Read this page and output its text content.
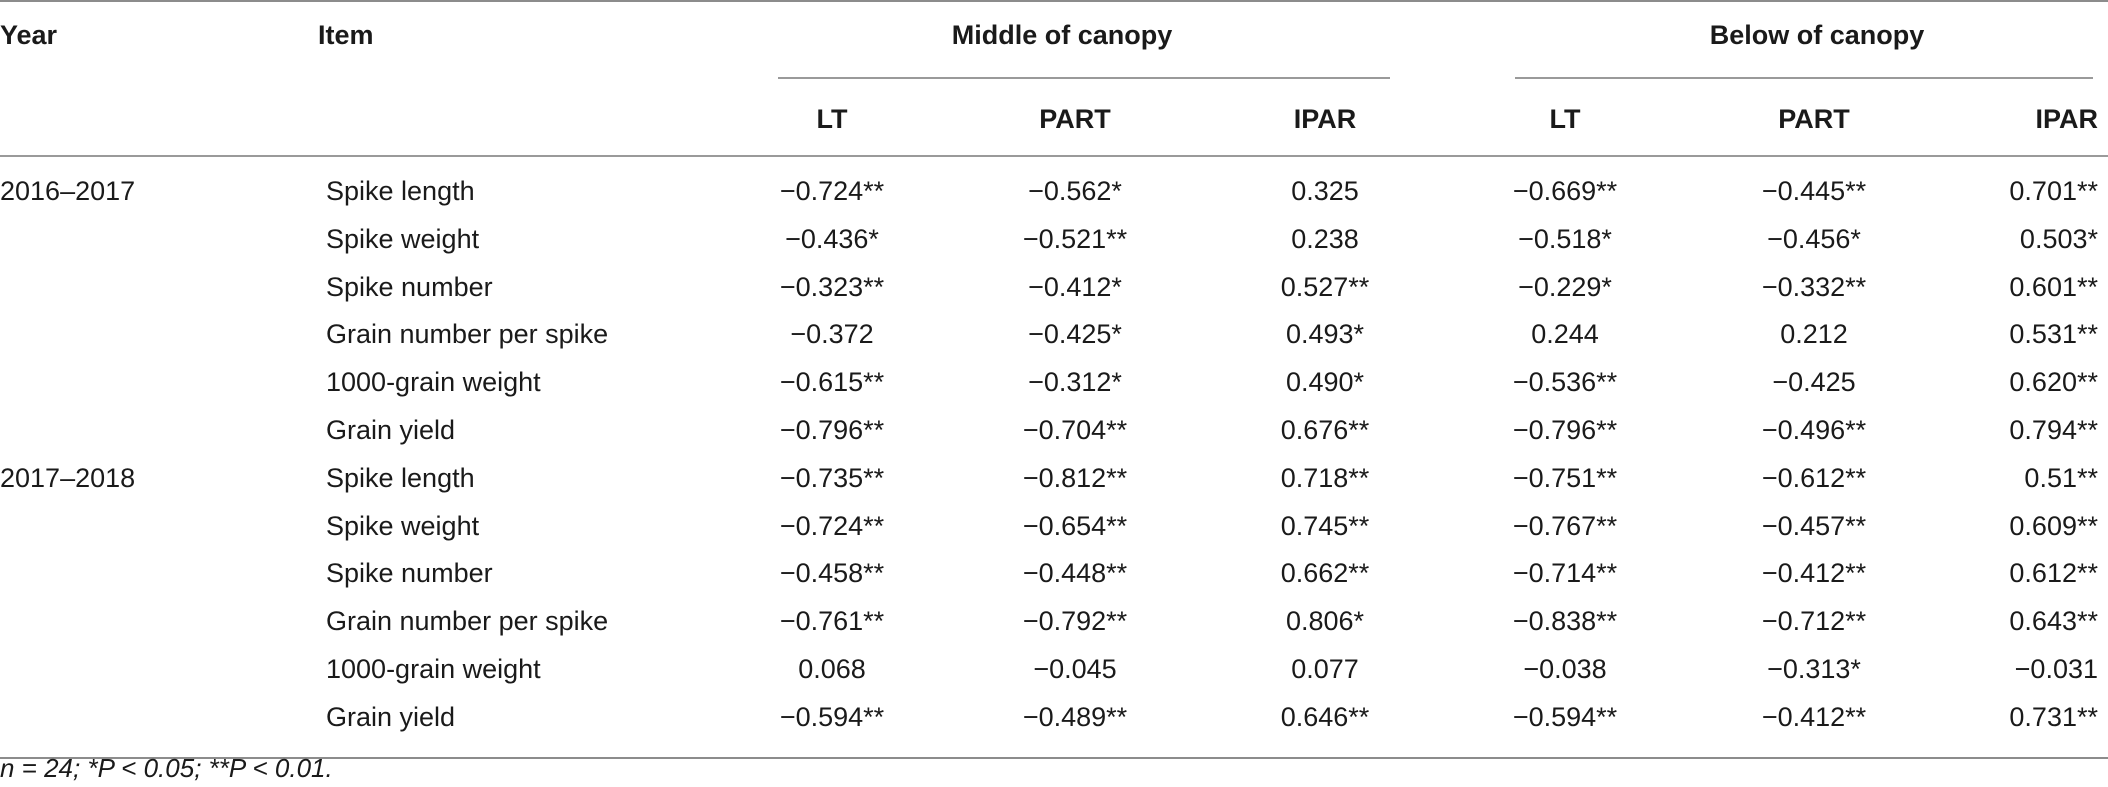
Year	Item	Middle of canopy	Below of canopy
LT	PART	IPAR	LT	PART	IPAR
2016–2017	Spike length	−0.724**	−0.562*	0.325	−0.669**	−0.445**	0.701**
Spike weight	−0.436*	−0.521**	0.238	−0.518*	−0.456*	0.503*
Spike number	−0.323**	−0.412*	0.527**	−0.229*	−0.332**	0.601**
Grain number per spike	−0.372	−0.425*	0.493*	0.244	0.212	0.531**
1000-grain weight	−0.615**	−0.312*	0.490*	−0.536**	−0.425	0.620**
Grain yield	−0.796**	−0.704**	0.676**	−0.796**	−0.496**	0.794**
2017–2018	Spike length	−0.735**	−0.812**	0.718**	−0.751**	−0.612**	0.51**
Spike weight	−0.724**	−0.654**	0.745**	−0.767**	−0.457**	0.609**
Spike number	−0.458**	−0.448**	0.662**	−0.714**	−0.412**	0.612**
Grain number per spike	−0.761**	−0.792**	0.806*	−0.838**	−0.712**	0.643**
1000-grain weight	0.068	−0.045	0.077	−0.038	−0.313*	−0.031
Grain yield	−0.594**	−0.489**	0.646**	−0.594**	−0.412**	0.731**
n = 24; *P < 0.05; **P < 0.01.
